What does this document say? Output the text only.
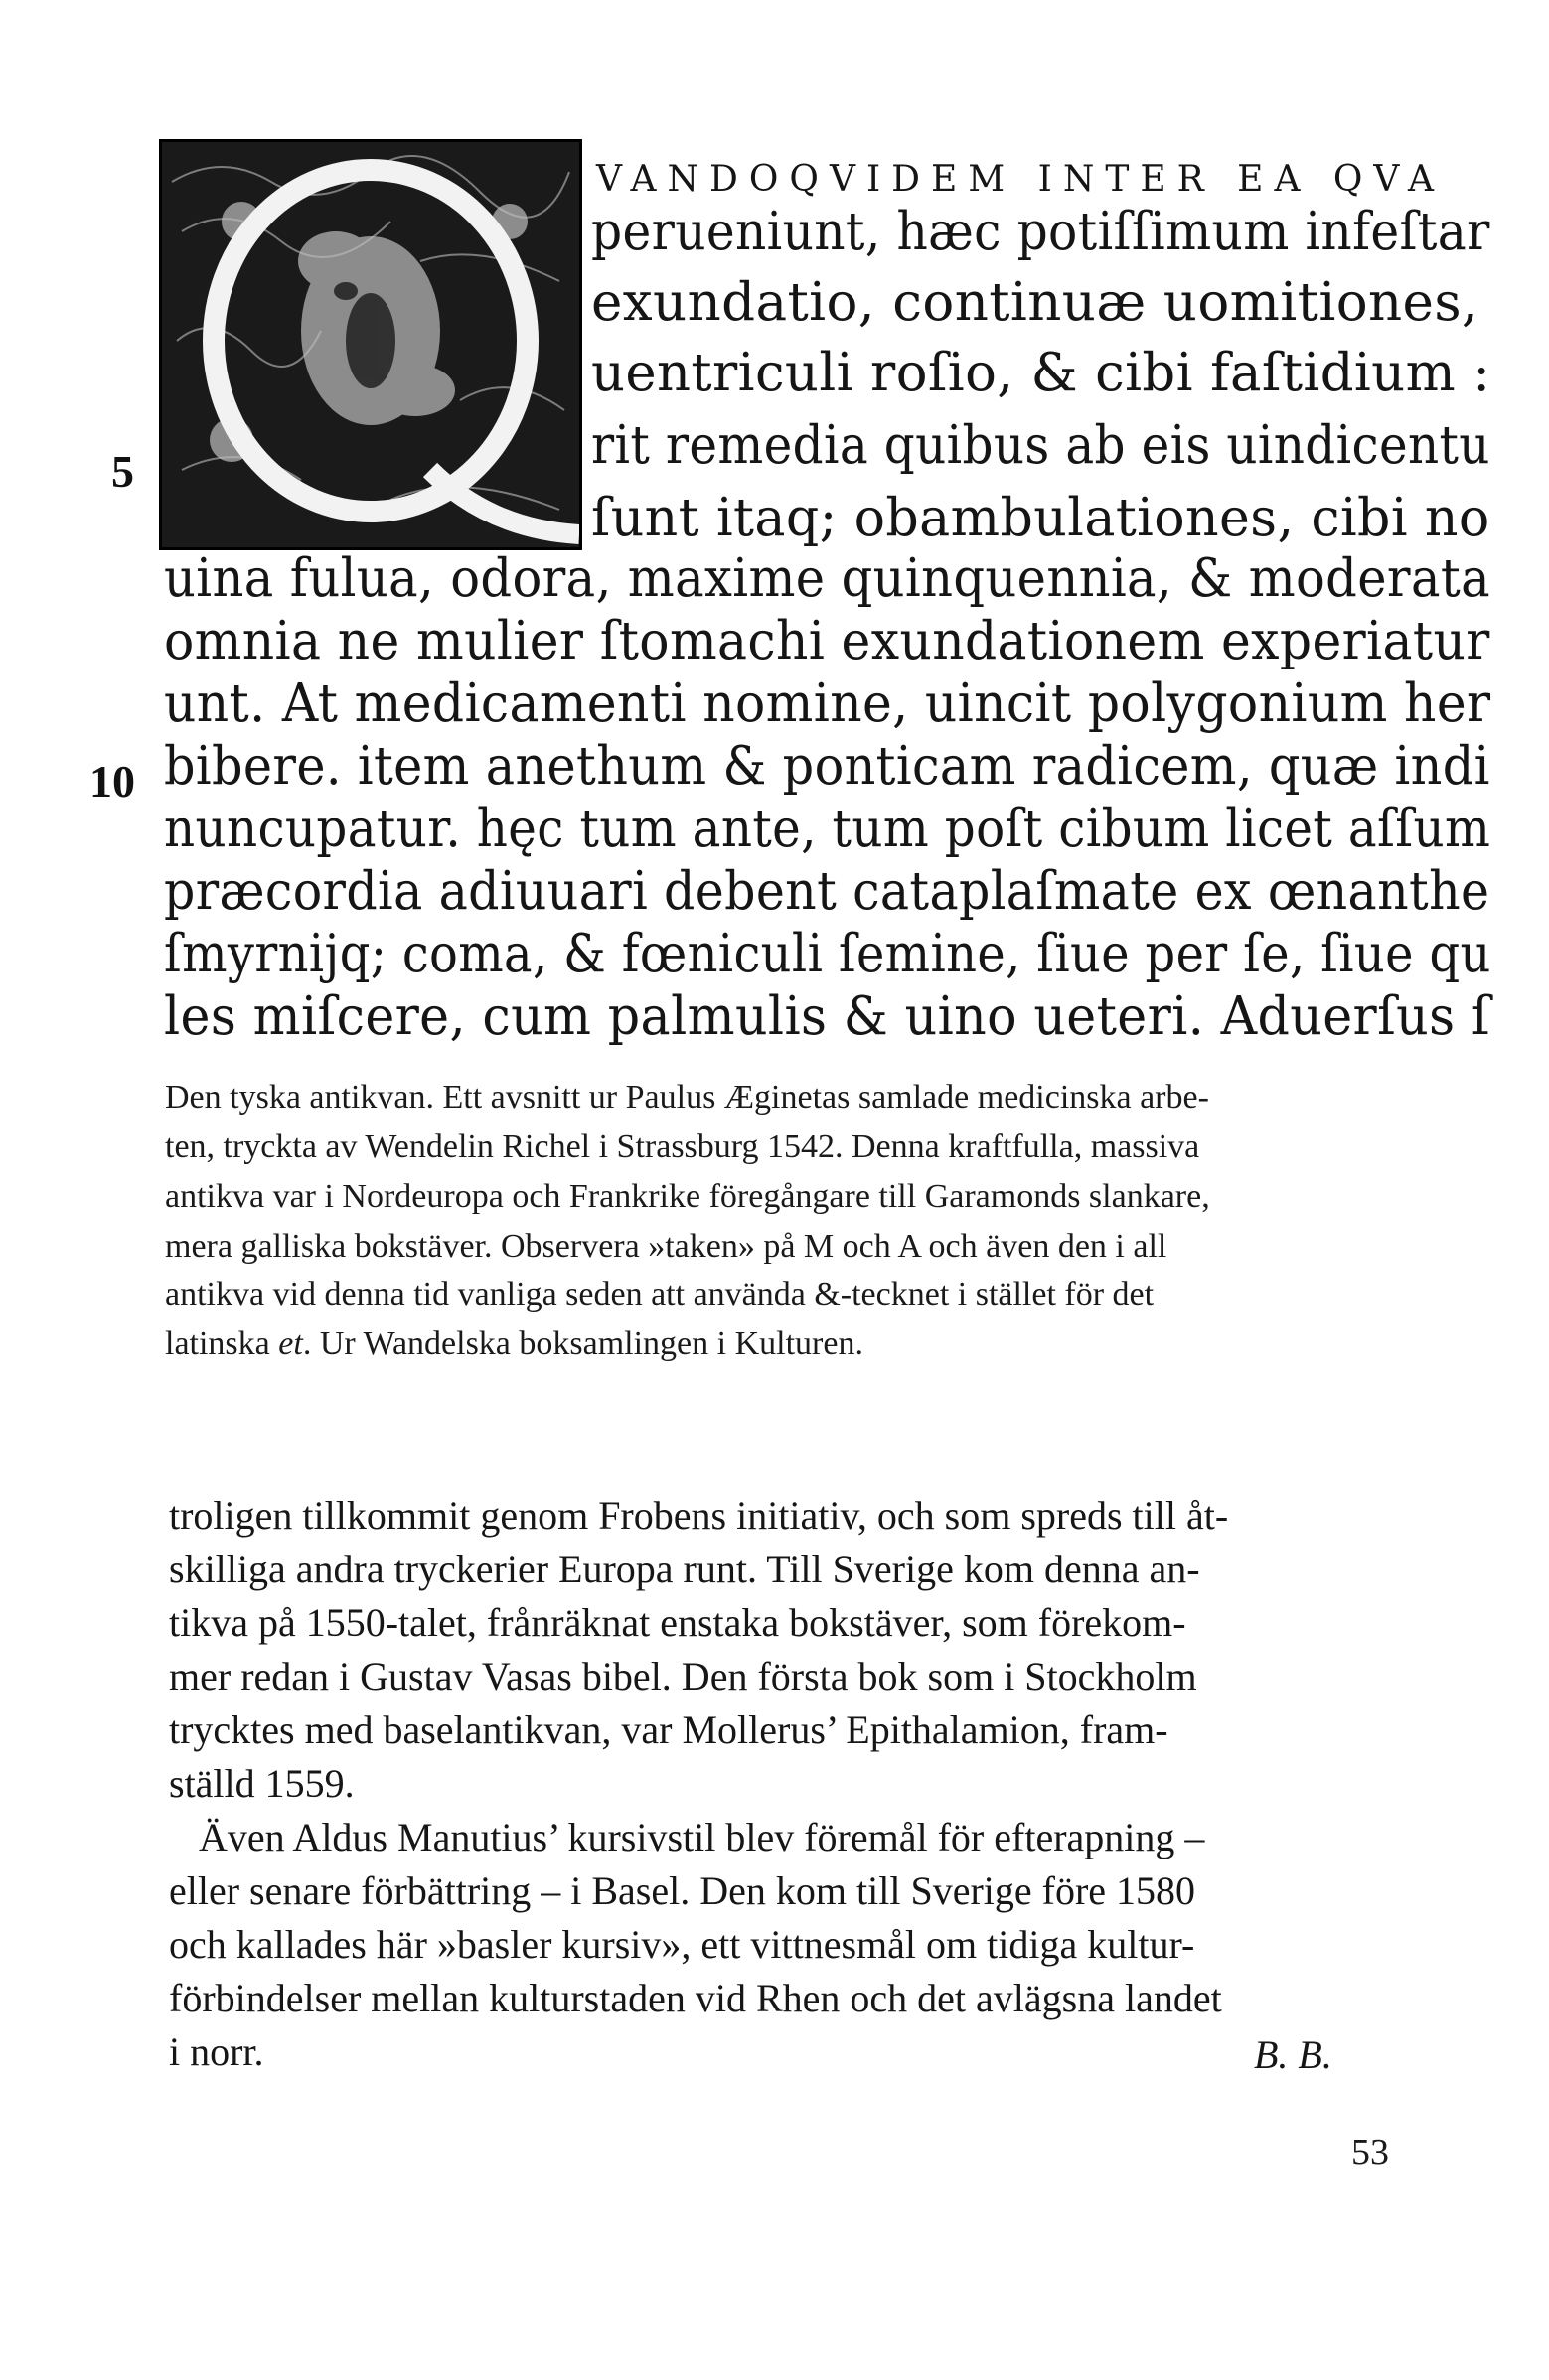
5
10
VANDOQVIDEM INTER EA QVA
perueniunt, hæc potiſſimum infeſtar
exundatio, continuæ uomitiones,
uentriculi roſio, & cibi faſtidium :
rit remedia quibus ab eis uindicentu
ſunt itaq; obambulationes, cibi no
uina fulua, odora, maxime quinquennia, & moderata
omnia ne mulier ſtomachi exundationem experiatur
unt. At medicamenti nomine, uincit polygonium her
bibere. item anethum & ponticam radicem, quæ indi
nuncupatur. hęc tum ante, tum poſt cibum licet aſſum
præcordia adiuuari debent cataplaſmate ex œnanthe
ſmyrnijq; coma, & fœniculi ſemine, ſiue per ſe, ſiue qu
les miſcere, cum palmulis & uino ueteri. Aduerſus ſ
Den tyska antikvan. Ett avsnitt ur Paulus Æginetas samlade medicinska arbe-
ten, tryckta av Wendelin Richel i Strassburg 1542. Denna kraftfulla, massiva
antikva var i Nordeuropa och Frankrike föregångare till Garamonds slankare,
mera galliska bokstäver. Observera »taken» på M och A och även den i all
antikva vid denna tid vanliga seden att använda &-tecknet i stället för det
latinska et. Ur Wandelska boksamlingen i Kulturen.
troligen tillkommit genom Frobens initiativ, och som spreds till åt-
skilliga andra tryckerier Europa runt. Till Sverige kom denna an-
tikva på 1550-talet, frånräknat enstaka bokstäver, som förekom-
mer redan i Gustav Vasas bibel. Den första bok som i Stockholm
trycktes med baselantikvan, var Mollerus’ Epithalamion, fram-
ställd 1559.
Även Aldus Manutius’ kursivstil blev föremål för efterapning –
eller senare förbättring – i Basel. Den kom till Sverige före 1580
och kallades här »basler kursiv», ett vittnesmål om tidiga kultur-
förbindelser mellan kulturstaden vid Rhen och det avlägsna landet
i norr.	B. B.
53
